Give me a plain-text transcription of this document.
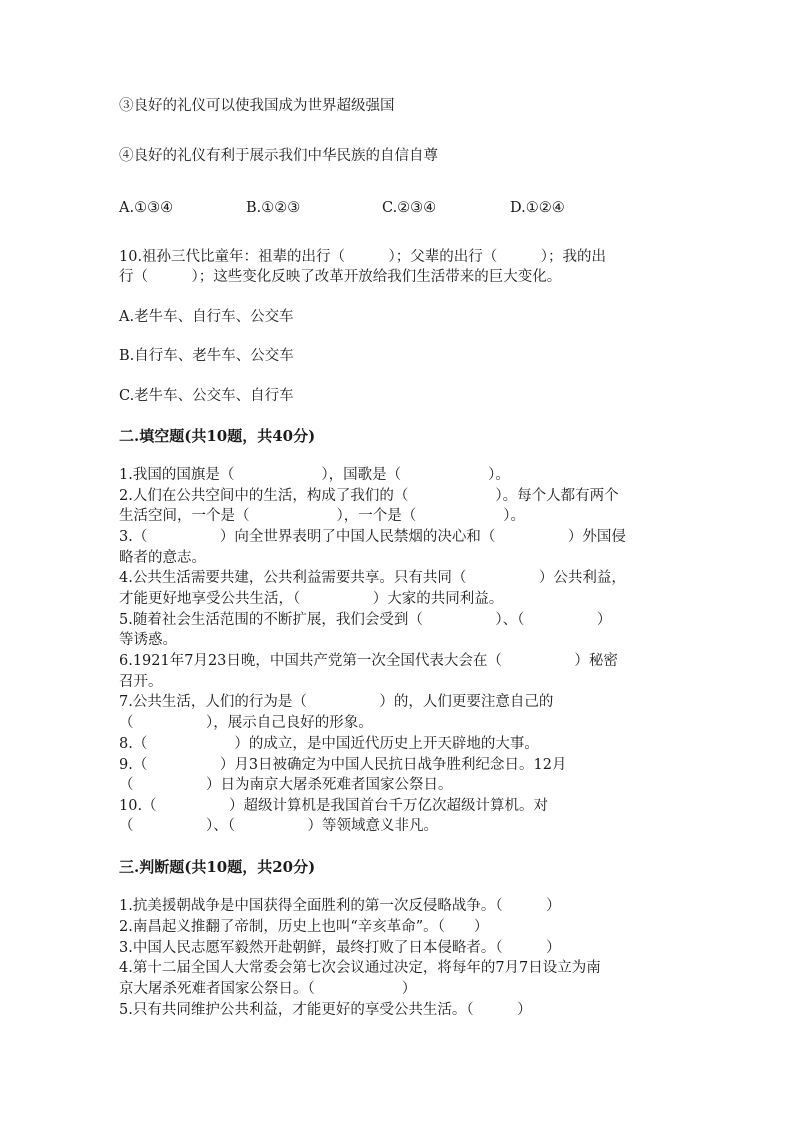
③良好的礼仪可以使我国成为世界超级强国
④良好的礼仪有利于展示我们中华民族的自信自尊
A.①③④	B.①②③	C.②③④	D.①②④
10.祖孙三代比童年：祖辈的出行（　　　）；父辈的出行（　　　）；我的出
行（　　　）；这些变化反映了改革开放给我们生活带来的巨大变化。
A.老牛车、自行车、公交车
B.自行车、老牛车、公交车
C.老牛车、公交车、自行车
二.填空题(共10题，共40分)
1.我国的国旗是（　　　　　　），国歌是（　　　　　　）。
2.人们在公共空间中的生活，构成了我们的（　　　　　　）。每个人都有两个
生活空间，一个是（　　　　　　），一个是（　　　　　　）。
3.（　　　　　）向全世界表明了中国人民禁烟的决心和（　　　　　）外国侵
略者的意志。
4.公共生活需要共建，公共利益需要共享。只有共同（　　　　　）公共利益，
才能更好地享受公共生活，（　　　　　）大家的共同利益。
5.随着社会生活范围的不断扩展，我们会受到（　　　　　）、（　　　　　）
等诱惑。
6.1921年7月23日晚，中国共产党第一次全国代表大会在（　　　　　）秘密
召开。
7.公共生活，人们的行为是（　　　　　）的，人们更要注意自己的
（　　　　　），展示自己良好的形象。
8.（　　　　　　）的成立，是中国近代历史上开天辟地的大事。
9.（　　　　　）月3日被确定为中国人民抗日战争胜利纪念日。12月
（　　　　　）日为南京大屠杀死难者国家公祭日。
10.（　　　　　）超级计算机是我国首台千万亿次超级计算机。对
（　　　　　）、（　　　　　）等领域意义非凡。
三.判断题(共10题，共20分)
1.抗美援朝战争是中国获得全面胜利的第一次反侵略战争。（　　　）
2.南昌起义推翻了帝制，历史上也叫“辛亥革命”。（　　）
3.中国人民志愿军毅然开赴朝鲜，最终打败了日本侵略者。（　　　）
4.第十二届全国人大常委会第七次会议通过决定，将每年的7月7日设立为南
京大屠杀死难者国家公祭日。（　　　　　　）
5.只有共同维护公共利益，才能更好的享受公共生活。（　　　）
